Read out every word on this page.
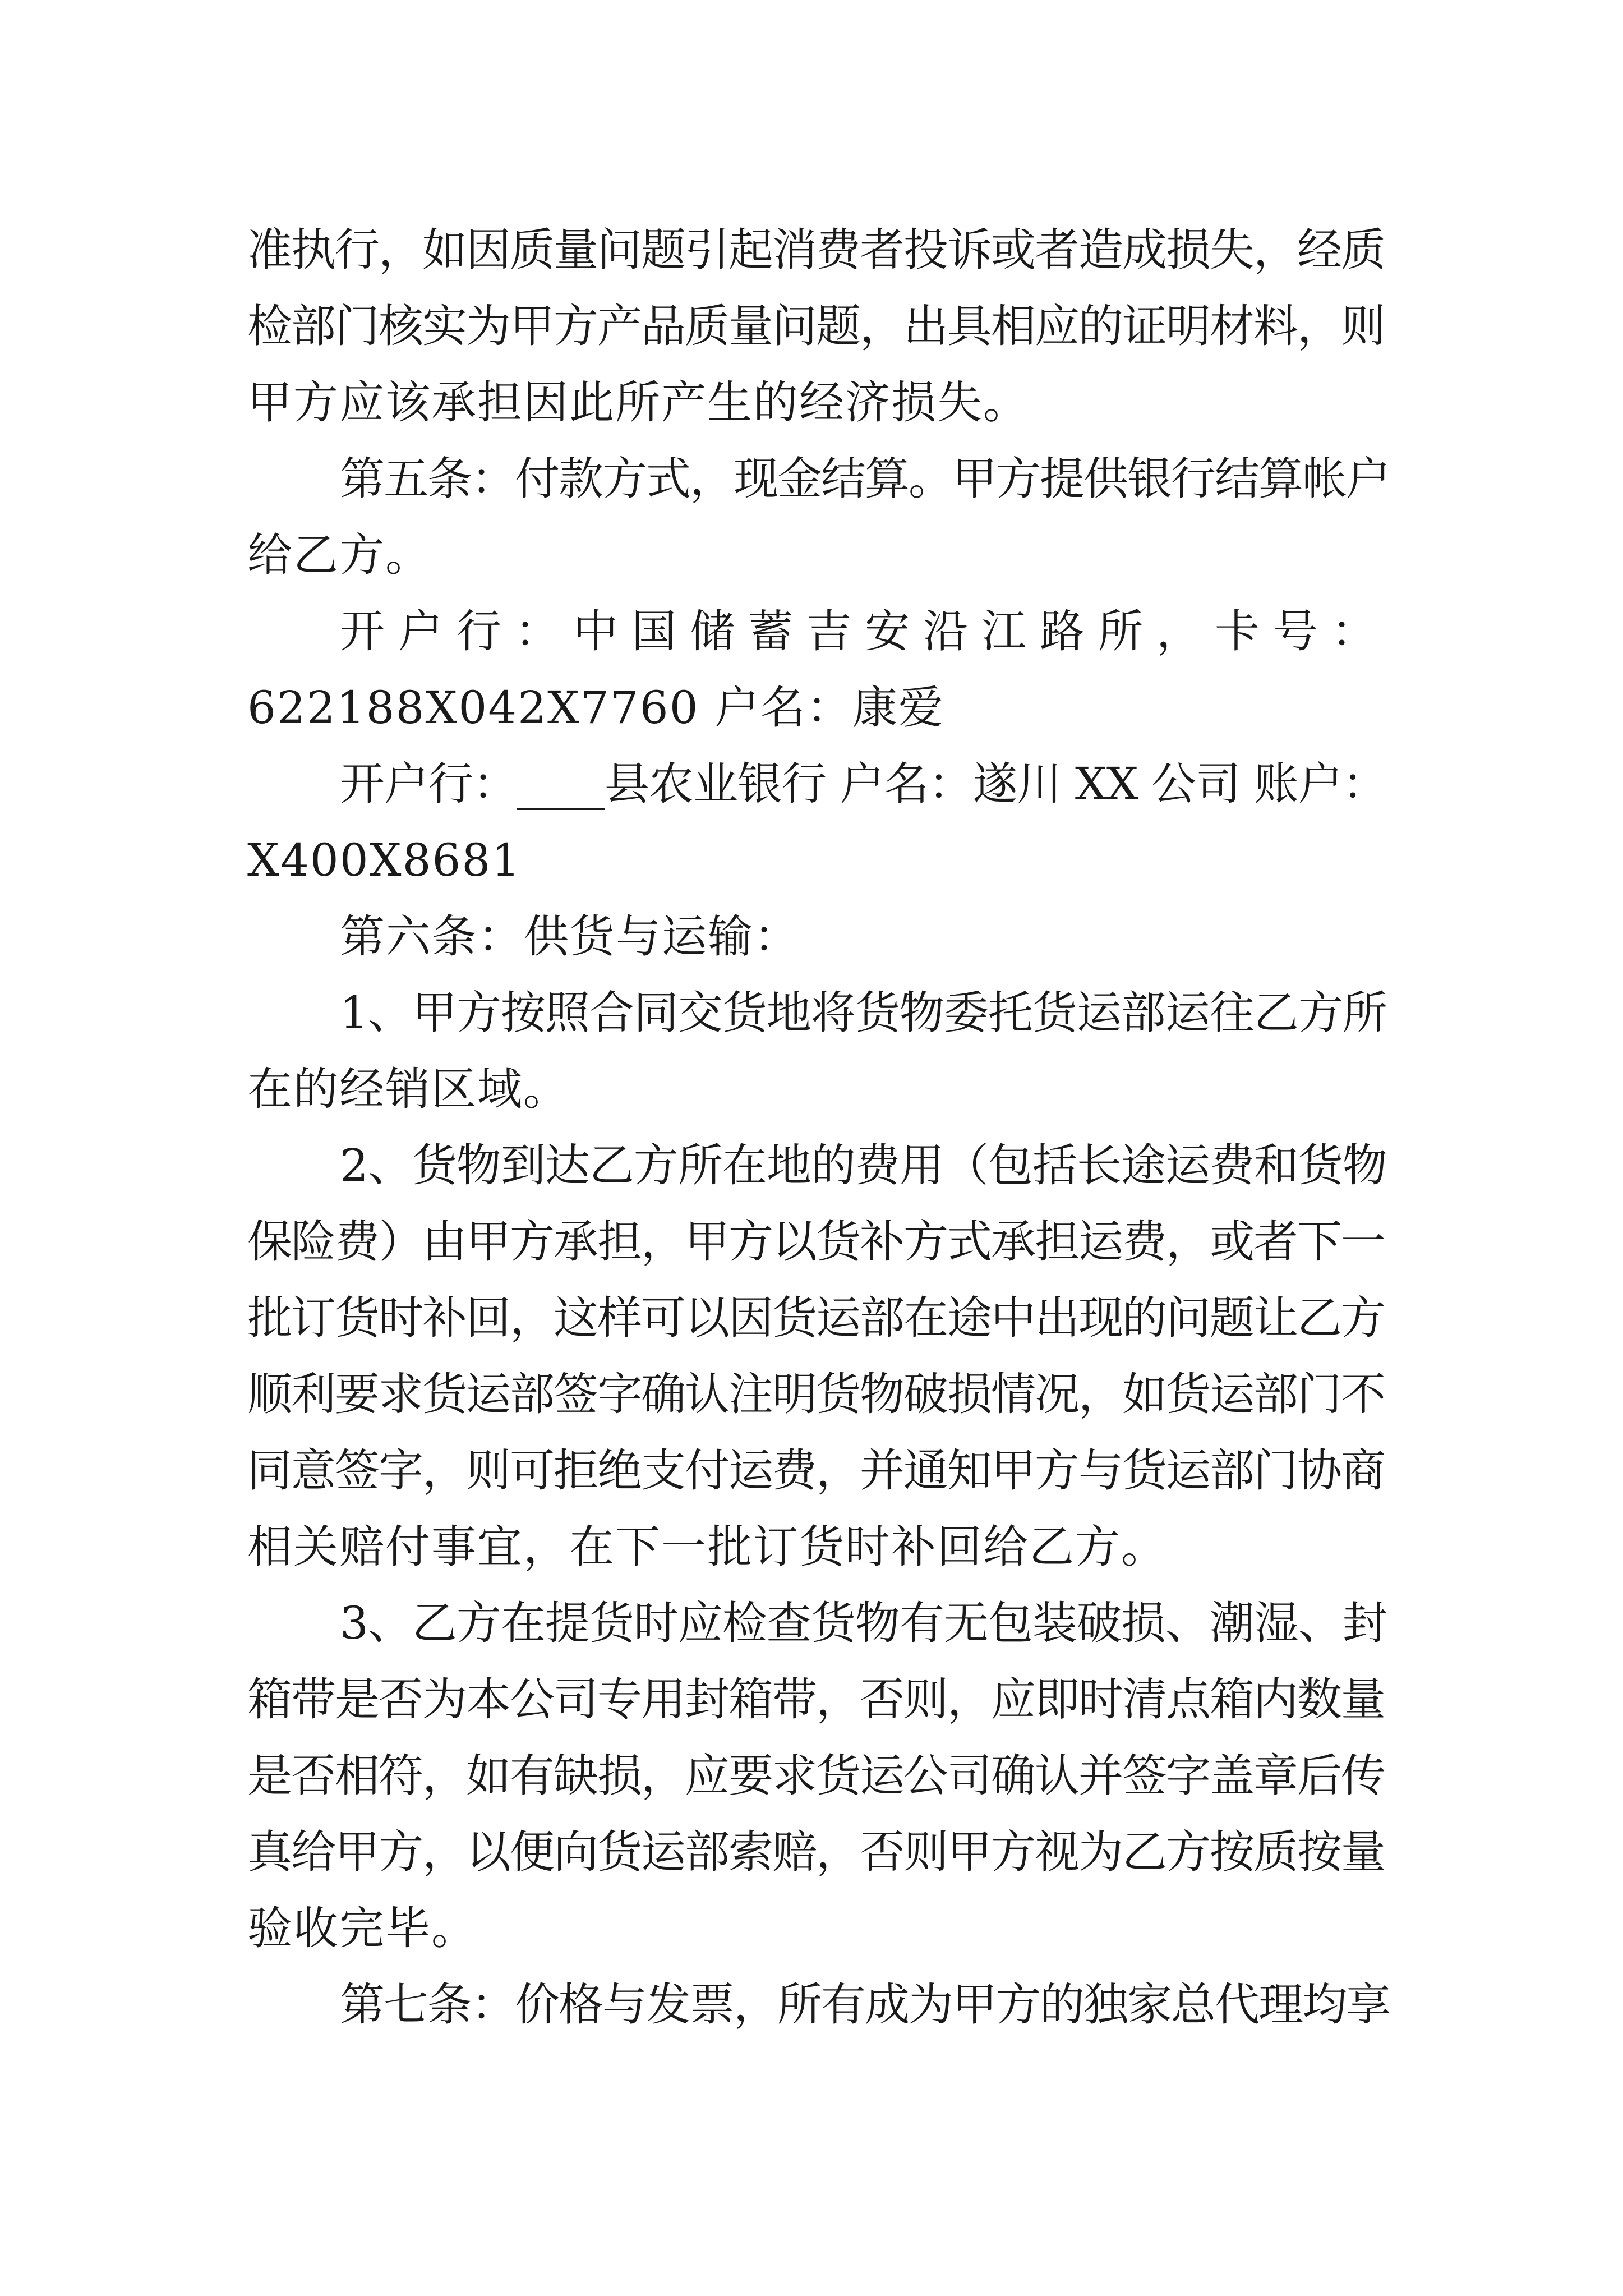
准执行，如因质量问题引起消费者投诉或者造成损失，经质
检部门核实为甲方产品质量问题，出具相应的证明材料，则
甲方应该承担因此所产生的经济损失。
第五条：付款方式，现金结算。甲方提供银行结算帐户
给乙方。
开户行：中国储蓄吉安沿江路所，卡号：
622188X042X7760 户名：康爱
开户行：____县农业银行 户名：遂川 XX 公司 账户：
X400X8681
第六条：供货与运输：
1、甲方按照合同交货地将货物委托货运部运往乙方所
在的经销区域。
2、货物到达乙方所在地的费用（包括长途运费和货物
保险费）由甲方承担，甲方以货补方式承担运费，或者下一
批订货时补回，这样可以因货运部在途中出现的问题让乙方
顺利要求货运部签字确认注明货物破损情况，如货运部门不
同意签字，则可拒绝支付运费，并通知甲方与货运部门协商
相关赔付事宜，在下一批订货时补回给乙方。
3、乙方在提货时应检查货物有无包装破损、潮湿、封
箱带是否为本公司专用封箱带，否则，应即时清点箱内数量
是否相符，如有缺损，应要求货运公司确认并签字盖章后传
真给甲方，以便向货运部索赔，否则甲方视为乙方按质按量
验收完毕。
第七条：价格与发票，所有成为甲方的独家总代理均享
